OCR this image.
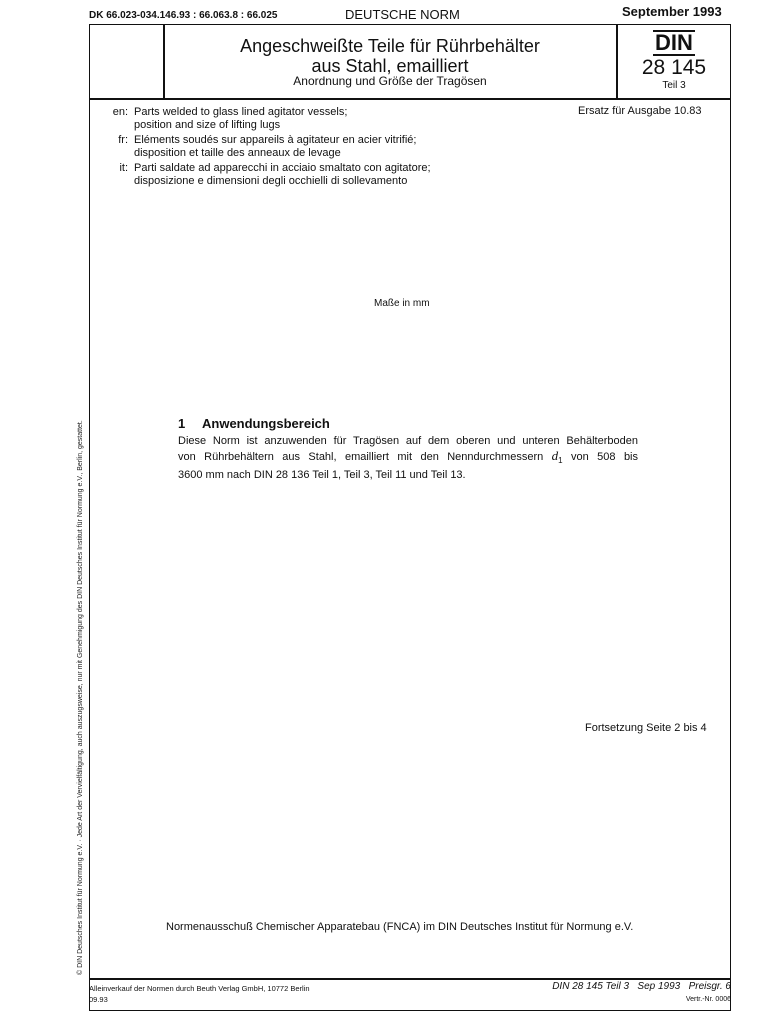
DK 66.023-034.146.93 : 66.063.8 : 66.025	DEUTSCHE NORM	September 1993
Angeschweißte Teile für Rührbehälter
aus Stahl, emailliert
Anordnung und Größe der Tragösen
DIN
28 145
Teil 3
en: Parts welded to glass lined agitator vessels;
position and size of lifting lugs
fr: Eléments soudés sur appareils à agitateur en acier vitrifié;
disposition et taille des anneaux de levage
it: Parti saldate ad apparecchi in acciaio smaltato con agitatore;
disposizione e dimensioni degli occhielli di sollevamento
Ersatz für Ausgabe 10.83
Maße in mm
1 Anwendungsbereich
Diese Norm ist anzuwenden für Tragösen auf dem oberen und unteren Behälterboden
von Rührbehältern aus Stahl, emailliert mit den Nenndurchmessern $d_1$ von 508 bis
3600 mm nach DIN 28 136 Teil 1, Teil 3, Teil 11 und Teil 13.
Fortsetzung Seite 2 bis 4
Normenausschuß Chemischer Apparatebau (FNCA) im DIN Deutsches Institut für Normung e.V.
Alleinverkauf der Normen durch Beuth Verlag GmbH, 10772 Berlin
09.93
DIN 28 145 Teil 3   Sep 1993   Preisgr. 6
Vertr.-Nr. 0006
© DIN Deutsches Institut für Normung e.V. · Jede Art der Vervielfältigung, auch auszugsweise, nur mit Genehmigung des DIN Deutsches Institut für Normung e.V., Berlin, gestattet.
